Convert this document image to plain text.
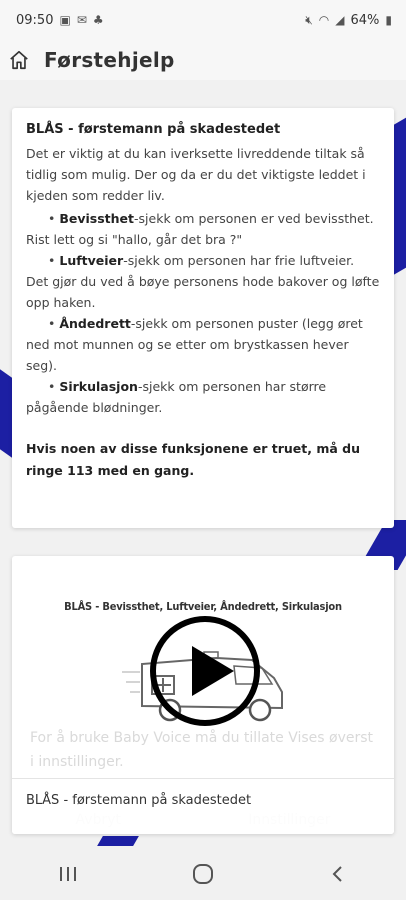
09:50 ▣ ✉ ♣	🔇︎ ◠ ◢ 64% ▮
Førstehjelp

BLÅS - førstemann på skadestedet

Det er viktig at du kan iverksette livreddende tiltak så tidlig som mulig. Der og da er du det viktigste leddet i kjeden som redder liv.

• Bevissthet-sjekk om personen er ved bevissthet. Rist lett og si "hallo, går det bra ?"
• Luftveier-sjekk om personen har frie luftveier. Det gjør du ved å bøye personens hode bakover og løfte opp haken.
• Åndedrett-sjekk om personen puster (legg øret ned mot munnen og se etter om brystkassen hever seg).
• Sirkulasjon-sjekk om personen har større pågående blødninger.

Hvis noen av disse funksjonene er truet, må du ringe 113 med en gang.

BLÅS - Bevissthet, Luftveier, Åndedrett, Sirkulasjon
For å bruke Baby Voice må du tillate Vises øverst i innstillinger.
BLÅS - førstemann på skadestedet
